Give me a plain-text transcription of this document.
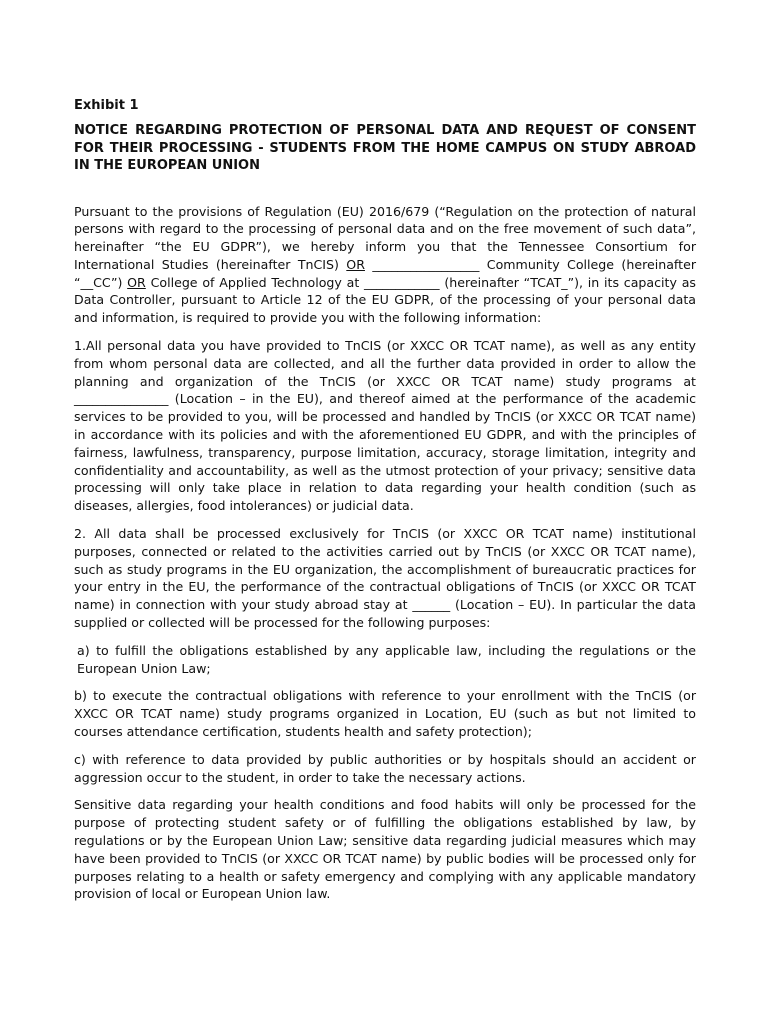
Exhibit 1
NOTICE REGARDING PROTECTION OF PERSONAL DATA AND REQUEST OF CONSENT FOR THEIR PROCESSING - STUDENTS FROM THE HOME CAMPUS ON STUDY ABROAD IN THE EUROPEAN UNION

Pursuant to the provisions of Regulation (EU) 2016/679 (“Regulation on the protection of natural persons with regard to the processing of personal data and on the free movement of such data”, hereinafter “the EU GDPR”), we hereby inform you that the Tennessee Consortium for International Studies (hereinafter TnCIS) OR _________________ Community College (hereinafter “__CC”) OR College of Applied Technology at ____________ (hereinafter “TCAT_”), in its capacity as Data Controller, pursuant to Article 12 of the EU GDPR, of the processing of your personal data and information, is required to provide you with the following information:

1.All personal data you have provided to TnCIS (or XXCC OR TCAT name), as well as any entity from whom personal data are collected, and all the further data provided in order to allow the planning and organization of the TnCIS (or XXCC OR TCAT name) study programs at _______________ (Location – in the EU), and thereof aimed at the performance of the academic services to be provided to you, will be processed and handled by TnCIS (or XXCC OR TCAT name) in accordance with its policies and with the aforementioned EU GDPR, and with the principles of fairness, lawfulness, transparency, purpose limitation, accuracy, storage limitation, integrity and confidentiality and accountability, as well as the utmost protection of your privacy; sensitive data processing will only take place in relation to data regarding your health condition (such as diseases, allergies, food intolerances) or judicial data.

2. All data shall be processed exclusively for TnCIS (or XXCC OR TCAT name) institutional purposes, connected or related to the activities carried out by TnCIS (or XXCC OR TCAT name), such as study programs in the EU organization, the accomplishment of bureaucratic practices for your entry in the EU, the performance of the contractual obligations of TnCIS (or XXCC OR TCAT name) in connection with your study abroad stay at ______ (Location – EU). In particular the data supplied or collected will be processed for the following purposes:

a) to fulfill the obligations established by any applicable law, including the regulations or the European Union Law;

b) to execute the contractual obligations with reference to your enrollment with the TnCIS (or XXCC OR TCAT name) study programs organized in Location, EU (such as but not limited to courses attendance certification, students health and safety protection);

c) with reference to data provided by public authorities or by hospitals should an accident or aggression occur to the student, in order to take the necessary actions.

Sensitive data regarding your health conditions and food habits will only be processed for the purpose of protecting student safety or of fulfilling the obligations established by law, by regulations or by the European Union Law; sensitive data regarding judicial measures which may have been provided to TnCIS (or XXCC OR TCAT name) by public bodies will be processed only for purposes relating to a health or safety emergency and complying with any applicable mandatory provision of local or European Union law.
